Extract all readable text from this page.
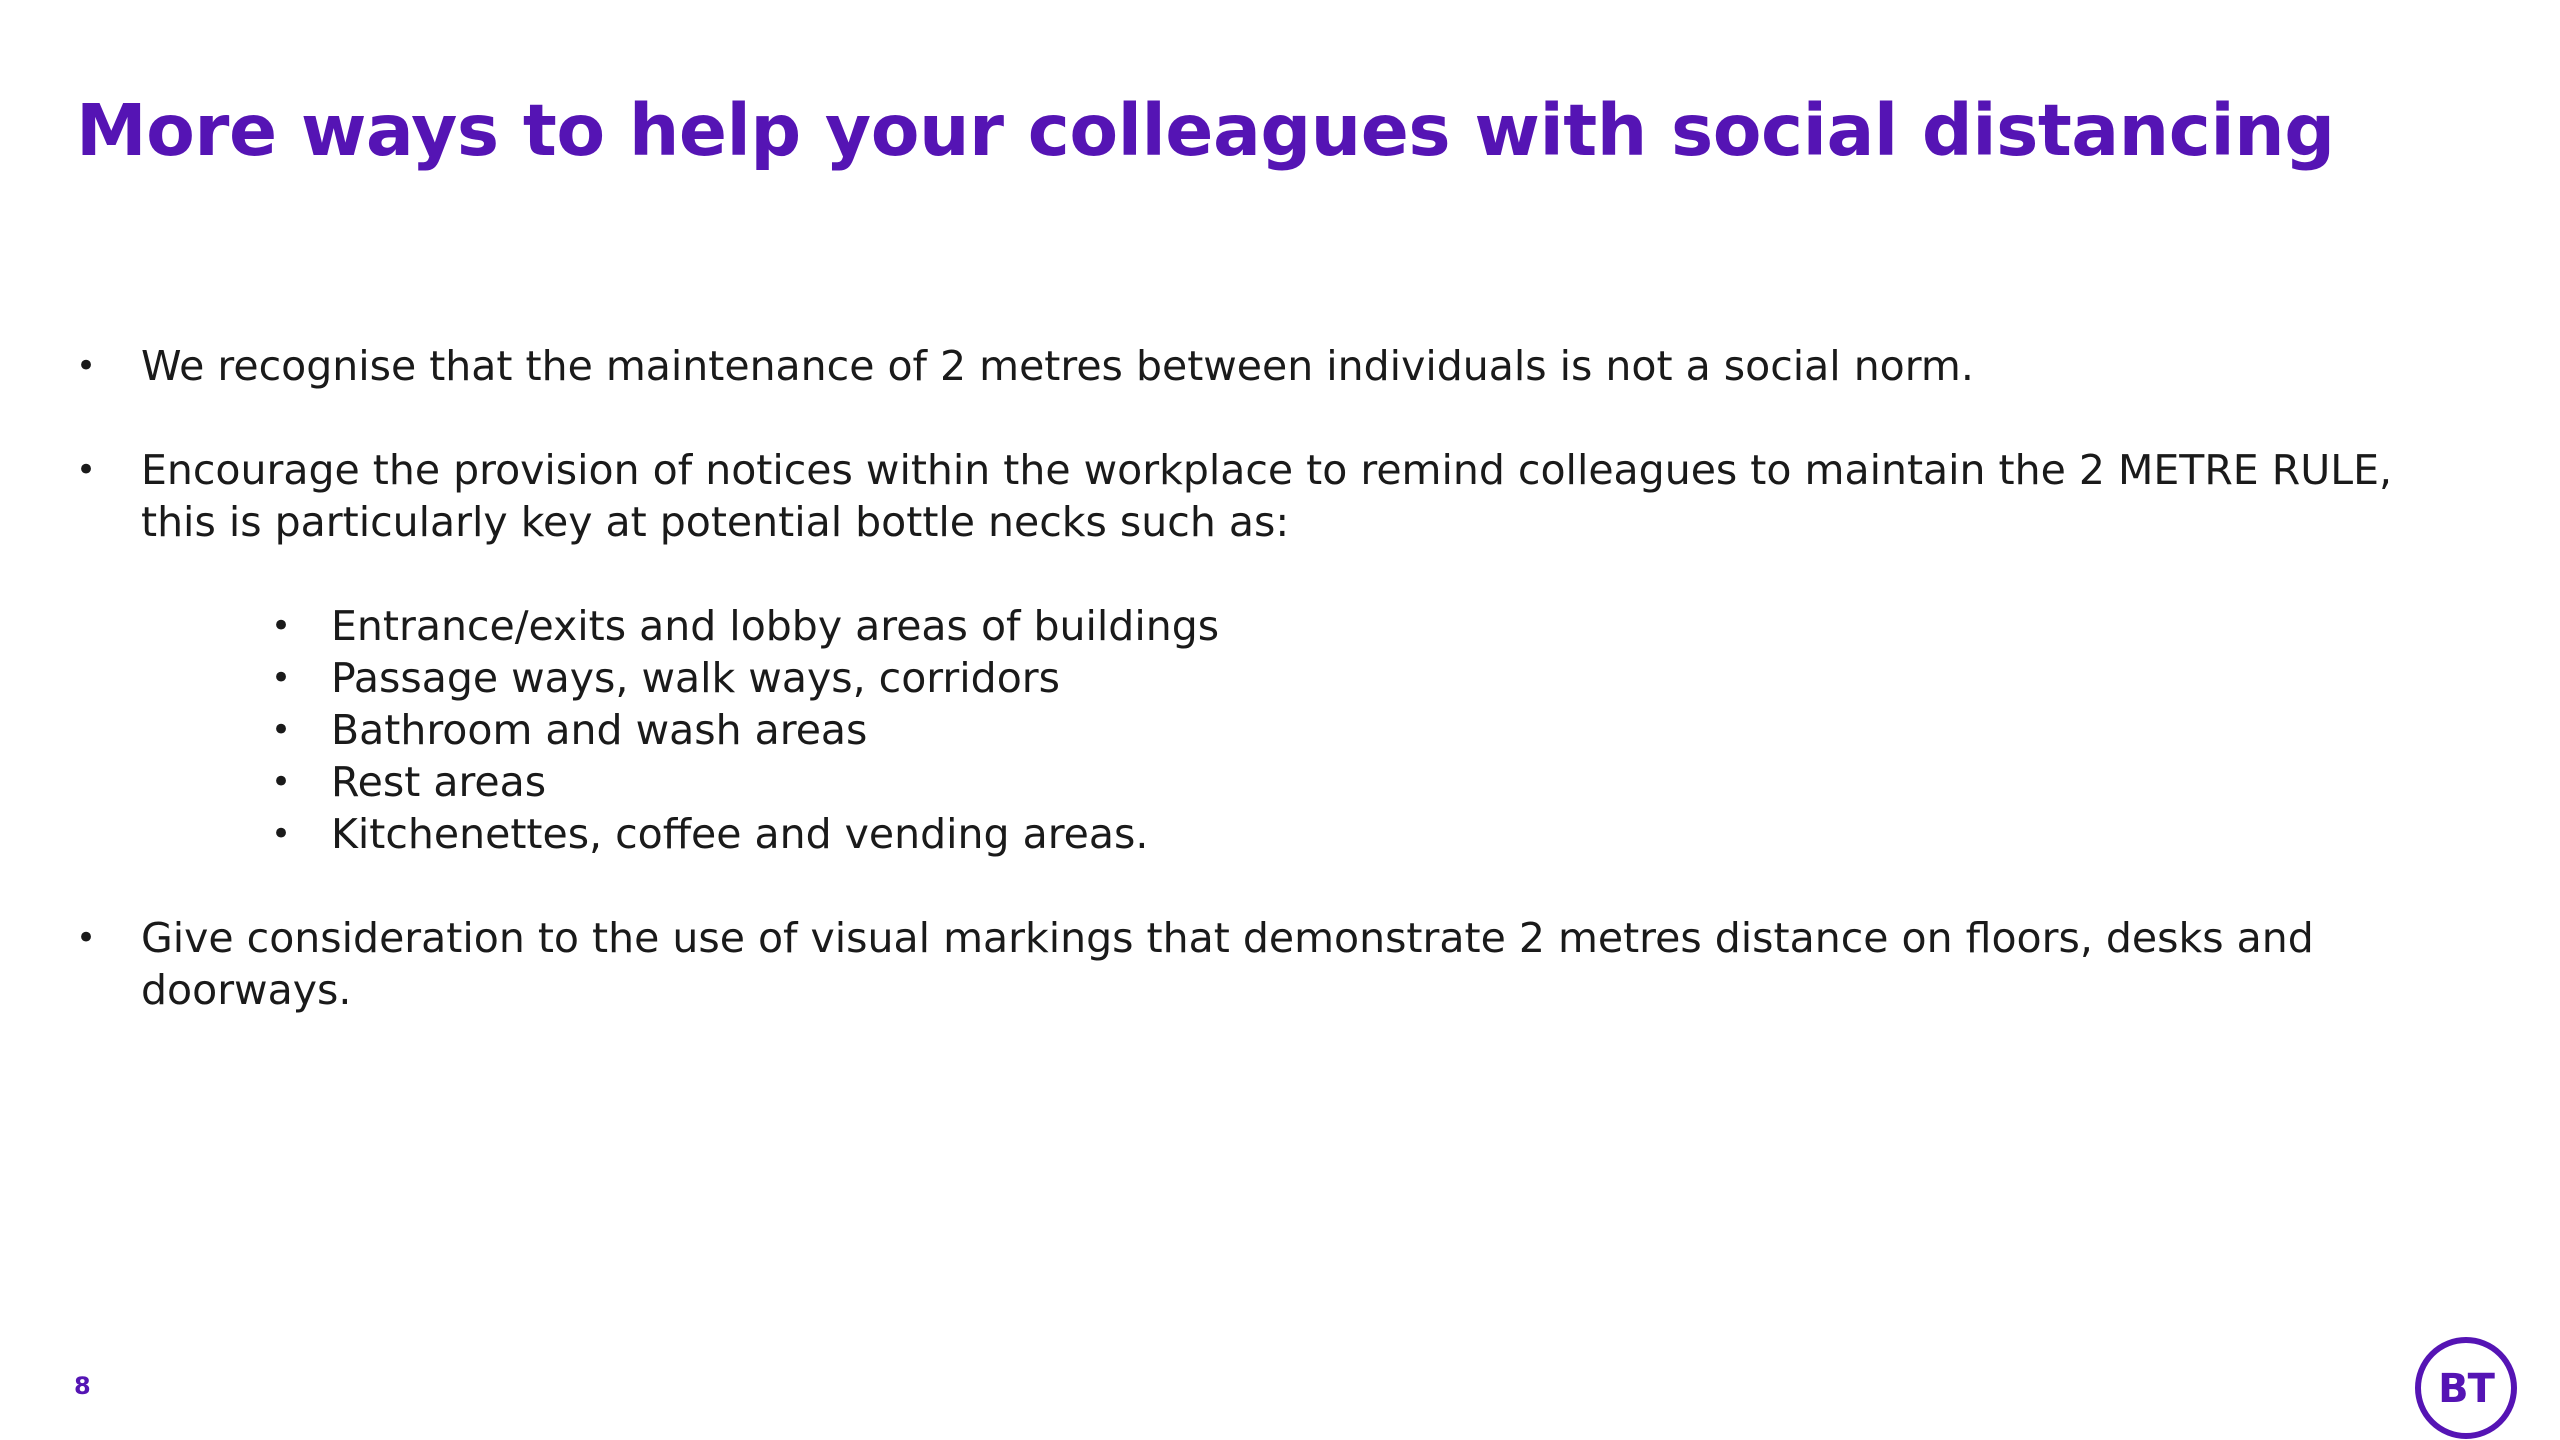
More ways to help your colleagues with social distancing
•	We recognise that the maintenance of 2 metres between individuals is not a social norm.
•	Encourage the provision of notices within the workplace to remind colleagues to maintain the 2 METRE RULE, this is particularly key at potential bottle necks such as:
• Entrance/exits and lobby areas of buildings
• Passage ways, walk ways, corridors
• Bathroom and wash areas
• Rest areas
• Kitchenettes, coffee and vending areas.
•	Give consideration to the use of visual markings that demonstrate 2 metres distance on floors, desks and doorways.
8	BT
